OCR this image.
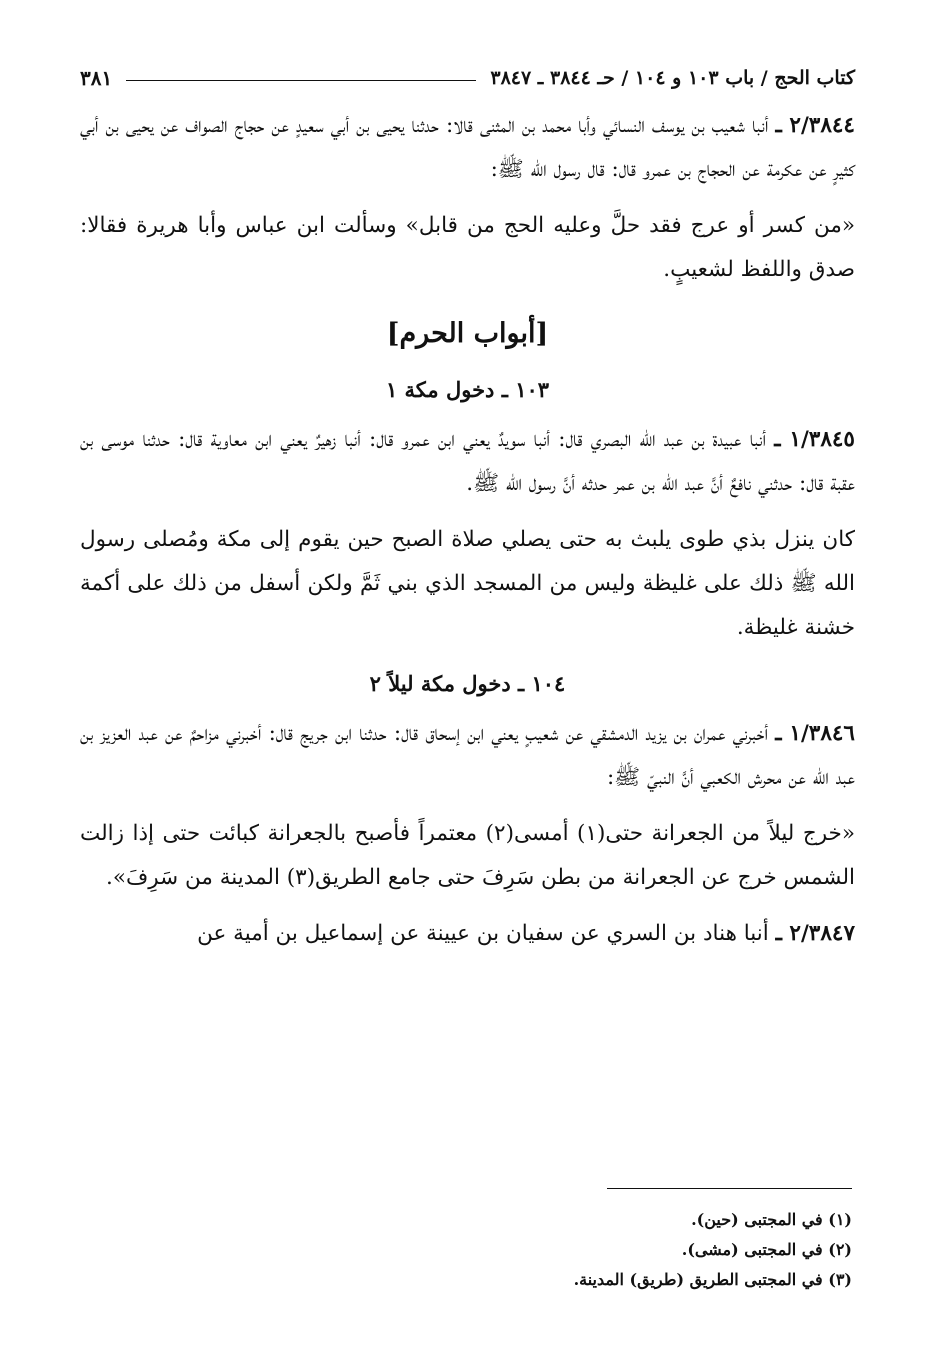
كتاب الحج / باب ١٠٣ و ١٠٤ / حـ ٣٨٤٤ ـ ٣٨٤٧
٣٨١

٢/٣٨٤٤ ـ أنبا شعيب بن يوسف النسائي وأبا محمد بن المثنى قالا: حدثنا يحيى بن أبي سعيدٍ عن حجاج الصواف عن يحيى بن أبي كثيرٍ عن عكرمة عن الحجاج بن عمرو قال: قال رسول الله ﷺ:

«من كسر أو عرج فقد حلَّ وعليه الحج من قابل» وسألت ابن عباس وأبا هريرة فقالا: صدق واللفظ لشعيبٍ.

[أبواب الحرم]
١٠٣ ـ دخول مكة ١

١/٣٨٤٥ ـ أنبا عبيدة بن عبد الله البصري قال: أنبا سويدٌ يعني ابن عمرو قال: أنبا زهيرٌ يعني ابن معاوية قال: حدثنا موسى بن عقبة قال: حدثني نافعٌ أنَّ عبد الله بن عمر حدثه أنَّ رسول الله ﷺ.

كان ينزل بذي طوى يلبث به حتى يصلي صلاة الصبح حين يقوم إلى مكة ومُصلى رسول الله ﷺ ذلك على غليظة وليس من المسجد الذي بني ثَمَّ ولكن أسفل من ذلك على أكمة خشنة غليظة.

١٠٤ ـ دخول مكة ليلاً ٢

١/٣٨٤٦ ـ أخبرني عمران بن يزيد الدمشقي عن شعيبٍ يعني ابن إسحاق قال: حدثنا ابن جريج قال: أخبرني مزاحمٌ عن عبد العزيز بن عبد الله عن محرش الكعبي أنَّ النبيّ ﷺ:

«خرج ليلاً من الجعرانة حتى(١) أمسى(٢) معتمراً فأصبح بالجعرانة كبائت حتى إذا زالت الشمس خرج عن الجعرانة من بطن سَرِفَ حتى جامع الطريق(٣) المدينة من سَرِفَ».

٢/٣٨٤٧ ـ أنبا هناد بن السري عن سفيان بن عيينة عن إسماعيل بن أمية عن

(١) في المجتبى (حين).

(٢) في المجتبى (مشى).

(٣) في المجتبى الطريق (طريق) المدينة.
